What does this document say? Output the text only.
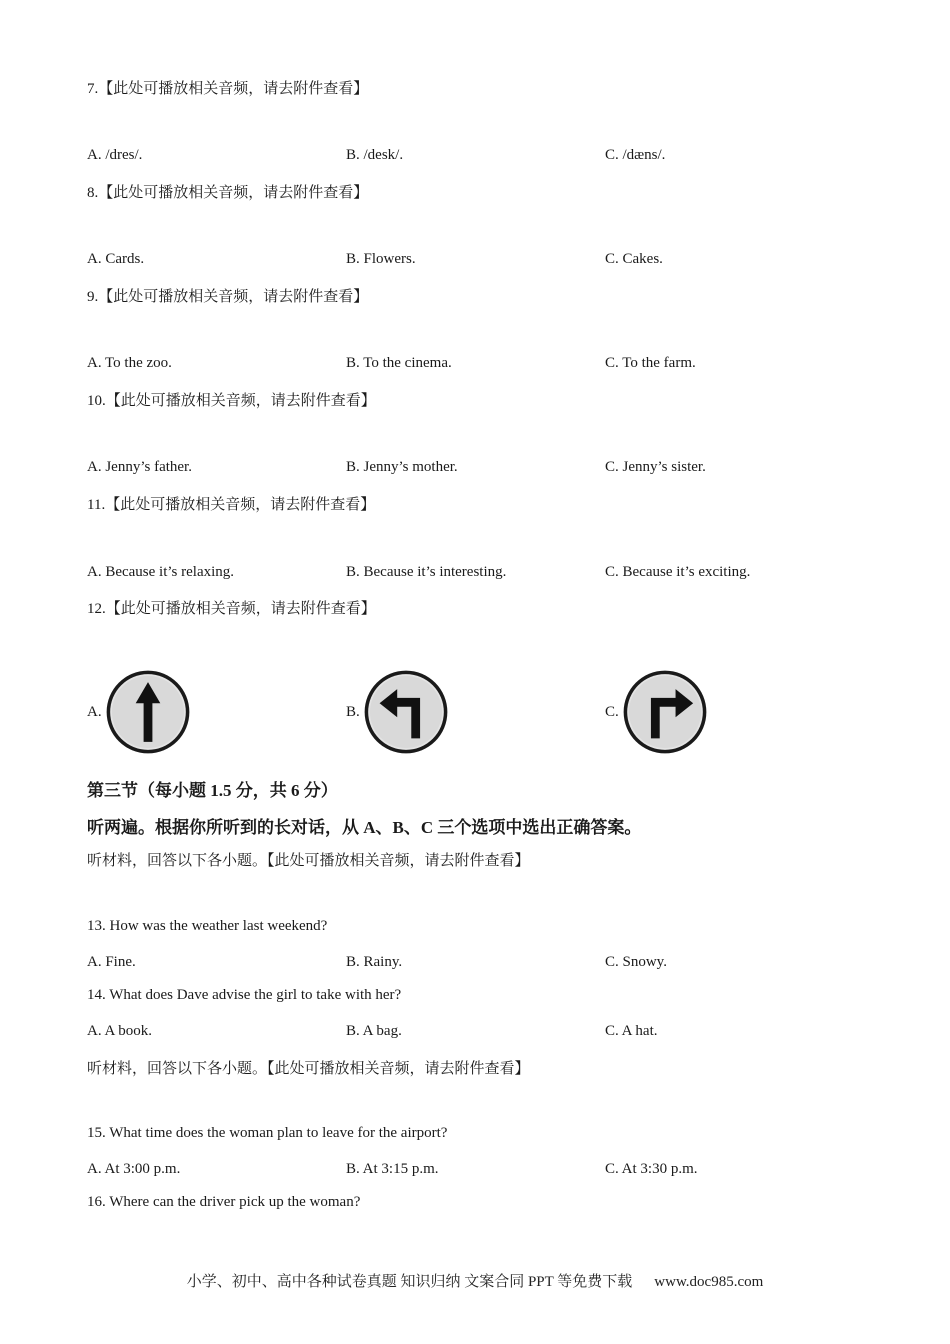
7.【此处可播放相关音频，请去附件查看】
A. /dres/.	B. /desk/.	C. /dæns/.
8.【此处可播放相关音频，请去附件查看】
A. Cards.	B. Flowers.	C. Cakes.
9.【此处可播放相关音频，请去附件查看】
A. To the zoo.	B. To the cinema.	C. To the farm.
10.【此处可播放相关音频，请去附件查看】
A. Jenny’s father.	B. Jenny’s mother.	C. Jenny’s sister.
11.【此处可播放相关音频，请去附件查看】
A. Because it’s relaxing.	B. Because it’s interesting.	C. Because it’s exciting.
12.【此处可播放相关音频，请去附件查看】
A.	B.	C.
第三节（每小题 1.5 分，共 6 分）
听两遍。根据你所听到的长对话，从 A、B、C 三个选项中选出正确答案。
听材料，回答以下各小题。【此处可播放相关音频，请去附件查看】
13. How was the weather last weekend?
A. Fine.	B. Rainy.	C. Snowy.
14. What does Dave advise the girl to take with her?
A. A book.	B. A bag.	C. A hat.
听材料，回答以下各小题。【此处可播放相关音频，请去附件查看】
15. What time does the woman plan to leave for the airport?
A. At 3:00 p.m.	B. At 3:15 p.m.	C. At 3:30 p.m.
16. Where can the driver pick up the woman?
小学、初中、高中各种试卷真题 知识归纳 文案合同 PPT 等免费下载 www.doc985.com
